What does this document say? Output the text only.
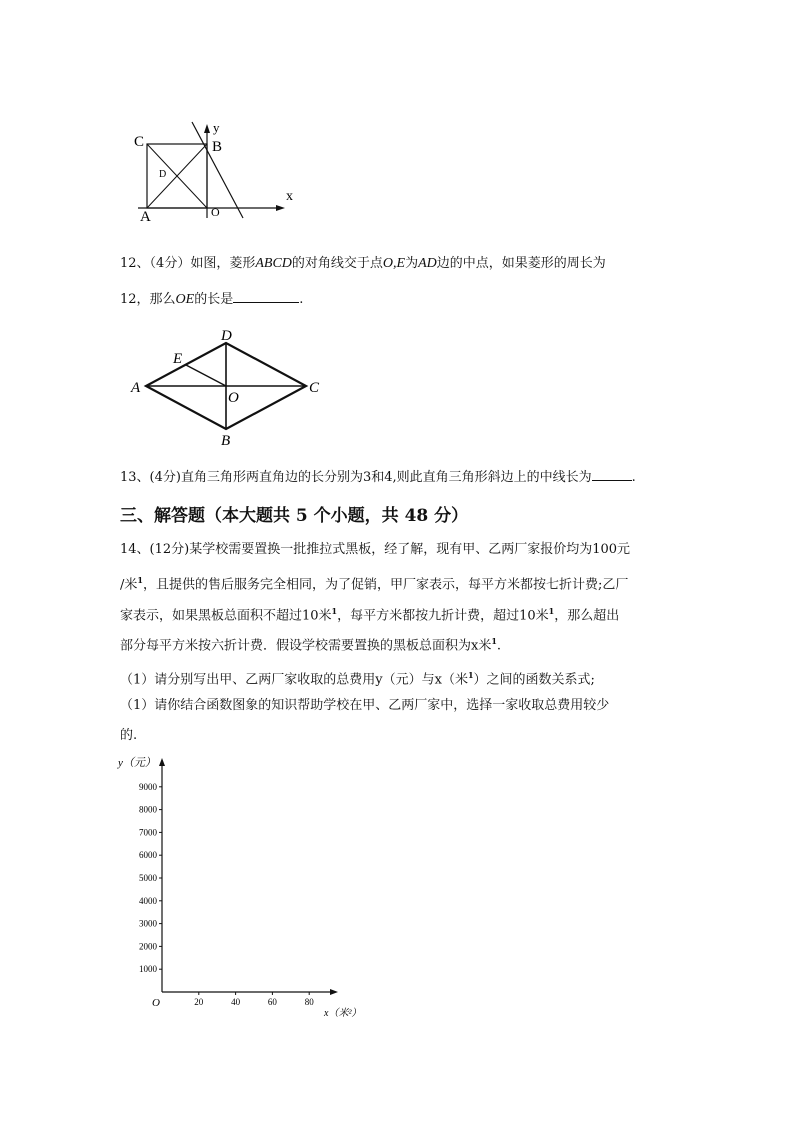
C
y
B
D
x
A	O
12、（4分）如图，菱形ABCD的对角线交于点O,E为AD边的中点，如果菱形的周长为
12，那么OE的长是	.
D
E
A
O
C
B
13、(4分)直角三角形两直角边的长分别为3和4,则此直角三角形斜边上的中线长为	.
三、解答题（本大题共 5 个小题，共 48 分）
14、(12分)某学校需要置换一批推拉式黑板，经了解，现有甲、乙两厂家报价均为100元
/米$^1$，且提供的售后服务完全相同，为了促销，甲厂家表示，每平方米都按七折计费;乙厂
家表示，如果黑板总面积不超过10米$^1$，每平方米都按九折计费，超过10米$^1$，那么超出
部分每平方米按六折计费．假设学校需要置换的黑板总面积为x米$^1$.
（1）请分别写出甲、乙两厂家收取的总费用y（元）与x（米$^1$）之间的函数关系式;
（1）请你结合函数图象的知识帮助学校在甲、乙两厂家中，选择一家收取总费用较少
的.
y（元）
O
x（米²）
1000
2000
3000
4000
5000
6000
7000
8000
9000
20	40	60	80
